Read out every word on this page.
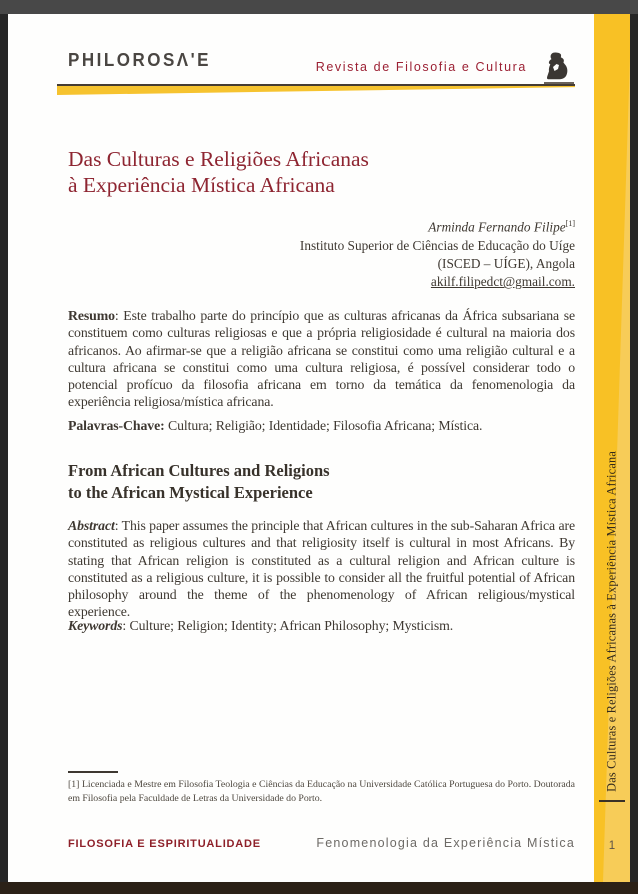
Das Culturas e Religiões Africanas à Experiência Mística Africana
1
PHILOROSΛ'E	Revista de Filosofia e Cultura
Das Culturas e Religiões Africanas
à Experiência Mística Africana
Arminda Fernando Filipe[1]
Instituto Superior de Ciências de Educação do Uíge
(ISCED – UÍGE), Angola
akilf.filipedct@gmail.com.

Resumo: Este trabalho parte do princípio que as culturas africanas da África subsariana se constituem como culturas religiosas e que a própria religiosidade é cultural na maioria dos africanos. Ao afirmar-se que a religião africana se constitui como uma religião cultural e a cultura africana se constitui como uma cultura religiosa, é possível considerar todo o potencial profícuo da filosofia africana em torno da temática da fenomenologia da experiência religiosa/mística africana.

Palavras-Chave: Cultura; Religião; Identidade; Filosofia Africana; Mística.

From African Cultures and Religions
to the African Mystical Experience

Abstract: This paper assumes the principle that African cultures in the sub-Saharan Africa are constituted as religious cultures and that religiosity itself is cultural in most Africans. By stating that African religion is constituted as a cultural religion and African culture is constituted as a religious culture, it is possible to consider all the fruitful potential of African philosophy around the theme of the phenomenology of African religious/mystical experience.

Keywords: Culture; Religion; Identity; African Philosophy; Mysticism.

[1] Licenciada e Mestre em Filosofia Teologia e Ciências da Educação na Universidade Católica Portuguesa do Porto. Doutorada em Filosofia pela Faculdade de Letras da Universidade do Porto.

FILOSOFIA E ESPIRITUALIDADE	Fenomenologia da Experiência Mística
